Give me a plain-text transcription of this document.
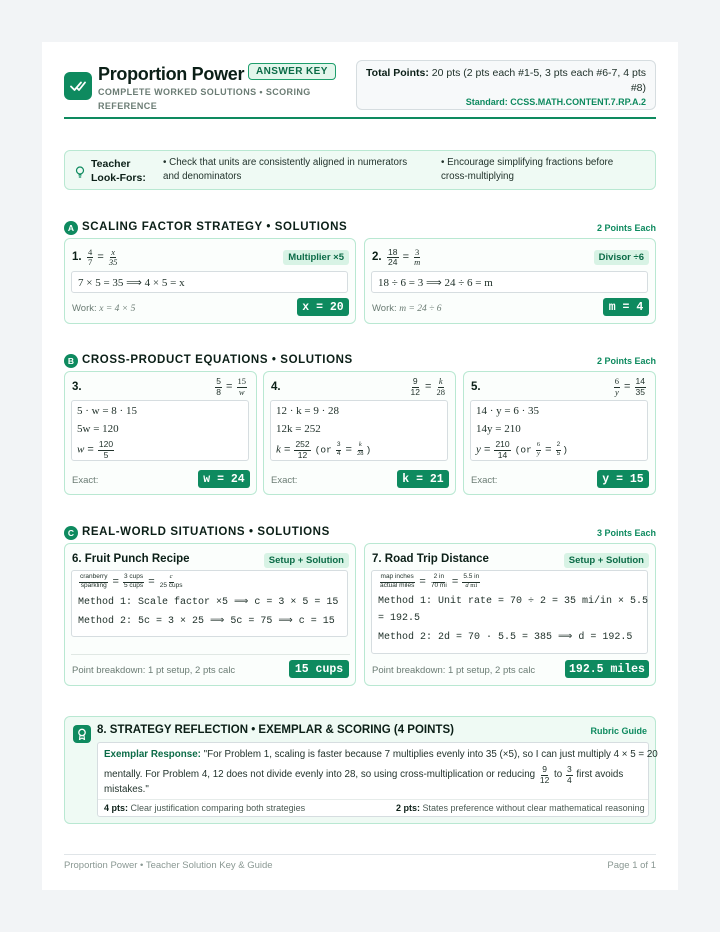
Proportion Power	ANSWER KEY
COMPLETE WORKED SOLUTIONS • SCORING REFERENCE
Total Points: 20 pts (2 pts each #1-5, 3 pts each #6-7, 4 pts #8)
Standard: CCSS.MATH.CONTENT.7.RP.A.2
Teacher Look-Fors:
• Check that units are consistently aligned in numerators and denominators
• Encourage simplifying fractions before cross-multiplying
A SCALING FACTOR STRATEGY • SOLUTIONS	2 Points Each
1. $\frac{4}{7} = \frac{x}{35}$	Multiplier ×5
7 × 5 = 35 ⟹ 4 × 5 = x
Work: x = 4 × 5	x = 20
2. $\frac{18}{24} = \frac{3}{m}$	Divisor ÷6
18 ÷ 6 = 3 ⟹ 24 ÷ 6 = m
Work: m = 24 ÷ 6	m = 4
B CROSS-PRODUCT EQUATIONS • SOLUTIONS	2 Points Each
3.	$\frac{5}{8} = \frac{15}{w}$
5 · w = 8 · 15
5w = 120
$w = \frac{120}{5}$
Exact:	w = 24
4.	$\frac{9}{12} = \frac{k}{28}$
12 · k = 9 · 28
12k = 252
$k = \frac{252}{12} (or \frac{3}{4} = \frac{k}{28}$ )
Exact:	k = 21
5.	$\frac{6}{y} = \frac{14}{35}$
14 · y = 6 · 35
14y = 210
$y = \frac{210}{14} (or \frac{6}{y} = \frac{2}{5}$ )
Exact:	y = 15
C REAL-WORLD SITUATIONS • SOLUTIONS	3 Points Each
6. Fruit Punch Recipe	Setup + Solution
$\frac{\text{cranberry}}{\text{sparkling}} = \frac{\text{3 cups}}{\text{5 cups}} = \frac{c}{\text{25 cups}}$
Method 1: Scale factor ×5 ⟹ c = 3 × 5 = 15
Method 2: 5c = 3 × 25 ⟹ 5c = 75 ⟹ c = 15
Point breakdown: 1 pt setup, 2 pts calc	15 cups
7. Road Trip Distance	Setup + Solution
$\frac{\text{map inches}}{\text{actual miles}} = \frac{2 in}{70 mi} = \frac{5.5 in}{\text{d mi}}$
Method 1: Unit rate = 70 ÷ 2 = 35 mi/in × 5.5
= 192.5
Method 2: 2d = 70 · 5.5 = 385 ⟹ d = 192.5
Point breakdown: 1 pt setup, 2 pts calc	192.5 miles
8. STRATEGY REFLECTION • EXEMPLAR & SCORING (4 POINTS)	Rubric Guide
Exemplar Response: "For Problem 1, scaling is faster because 7 multiplies evenly into 35 (×5), so I can just multiply 4 × 5 = 20
mentally. For Problem 4, 12 does not divide evenly into 28, so using cross-multiplication or reducing $\frac{9}{12}$ to $\frac{3}{4}$ first avoids
mistakes."
4 pts: Clear justification comparing both strategies	2 pts: States preference without clear mathematical reasoning
Proportion Power • Teacher Solution Key & Guide	Page 1 of 1
